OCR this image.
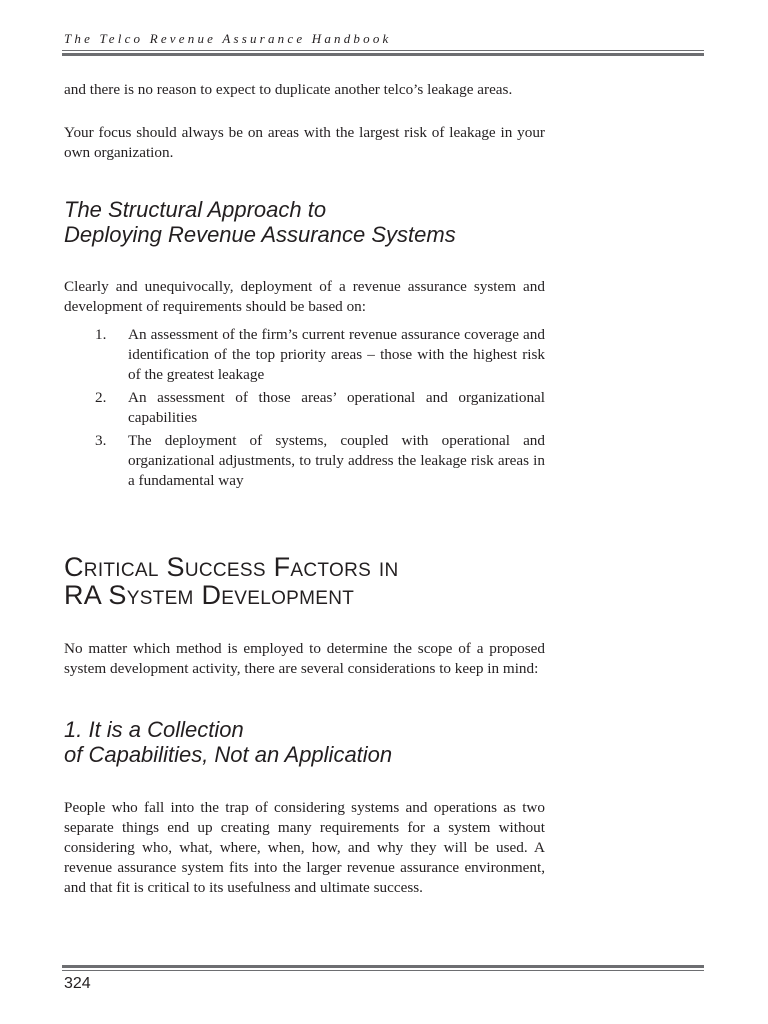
The Telco Revenue Assurance Handbook

and there is no reason to expect to duplicate another telco’s leakage areas.

Your focus should always be on areas with the largest risk of leakage in your own organization.

The Structural Approach to
Deploying Revenue Assurance Systems

Clearly and unequivocally, deployment of a revenue assurance system and development of requirements should be based on:

1.	An assessment of the firm’s current revenue assurance coverage and identification of the top priority areas – those with the highest risk of the greatest leakage
2.	An assessment of those areas’ operational and organizational capabilities
3.	The deployment of systems, coupled with operational and organizational adjustments, to truly address the leakage risk areas in a fundamental way
Critical Success Factors in
RA System Development

No matter which method is employed to determine the scope of a proposed system development activity, there are several considerations to keep in mind:

1. It is a Collection
of Capabilities, Not an Application

People who fall into the trap of considering systems and operations as two separate things end up creating many requirements for a system without considering who, what, where, when, how, and why they will be used. A revenue assurance system fits into the larger revenue assurance environment, and that fit is critical to its usefulness and ultimate success.

324
